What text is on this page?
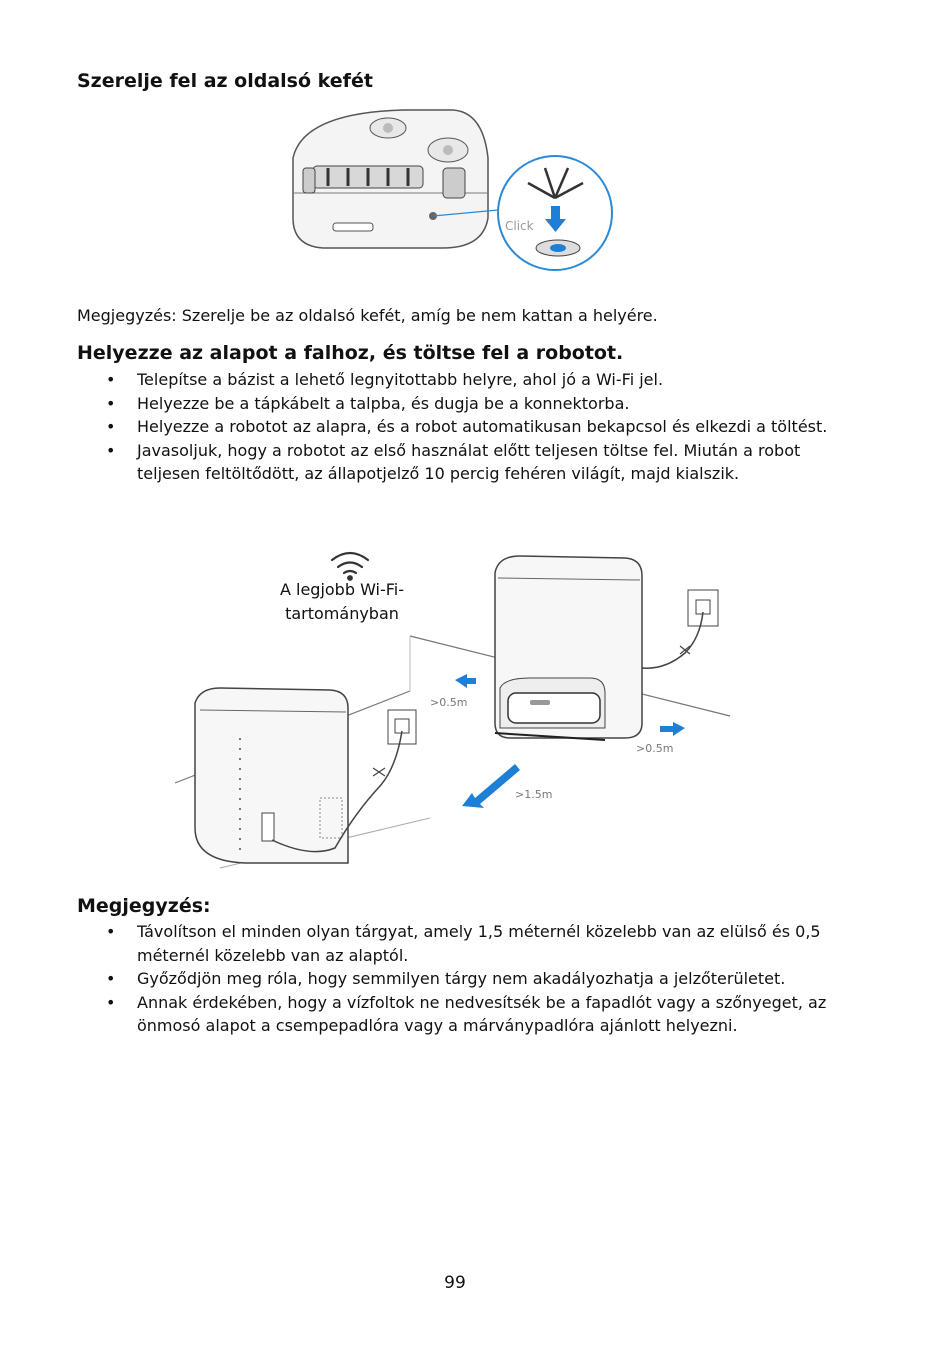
Szerelje fel az oldalsó kefét
Click
Megjegyzés: Szerelje be az oldalsó kefét, amíg be nem kattan a helyére.
Helyezze az alapot a falhoz, és töltse fel a robotot.
• Telepítse a bázist a lehető legnyitottabb helyre, ahol jó a Wi-Fi jel.
• Helyezze be a tápkábelt a talpba, és dugja be a konnektorba.
• Helyezze a robotot az alapra, és a robot automatikusan bekapcsol és elkezdi a töltést.
• Javasoljuk, hogy a robotot az első használat előtt teljesen töltse fel. Miután a robot teljesen feltöltődött, az állapotjelző 10 percig fehéren világít, majd kialszik.
A legjobb Wi-Fi-
tartományban
>0.5m
>0.5m
>1.5m
Megjegyzés:
• Távolítson el minden olyan tárgyat, amely 1,5 méternél közelebb van az elülső és 0,5 méternél közelebb van az alaptól.
• Győződjön meg róla, hogy semmilyen tárgy nem akadályozhatja a jelzőterületet.
• Annak érdekében, hogy a vízfoltok ne nedvesítsék be a fapadlót vagy a szőnyeget, az önmosó alapot a csempepadlóra vagy a márványpadlóra ajánlott helyezni.
99
